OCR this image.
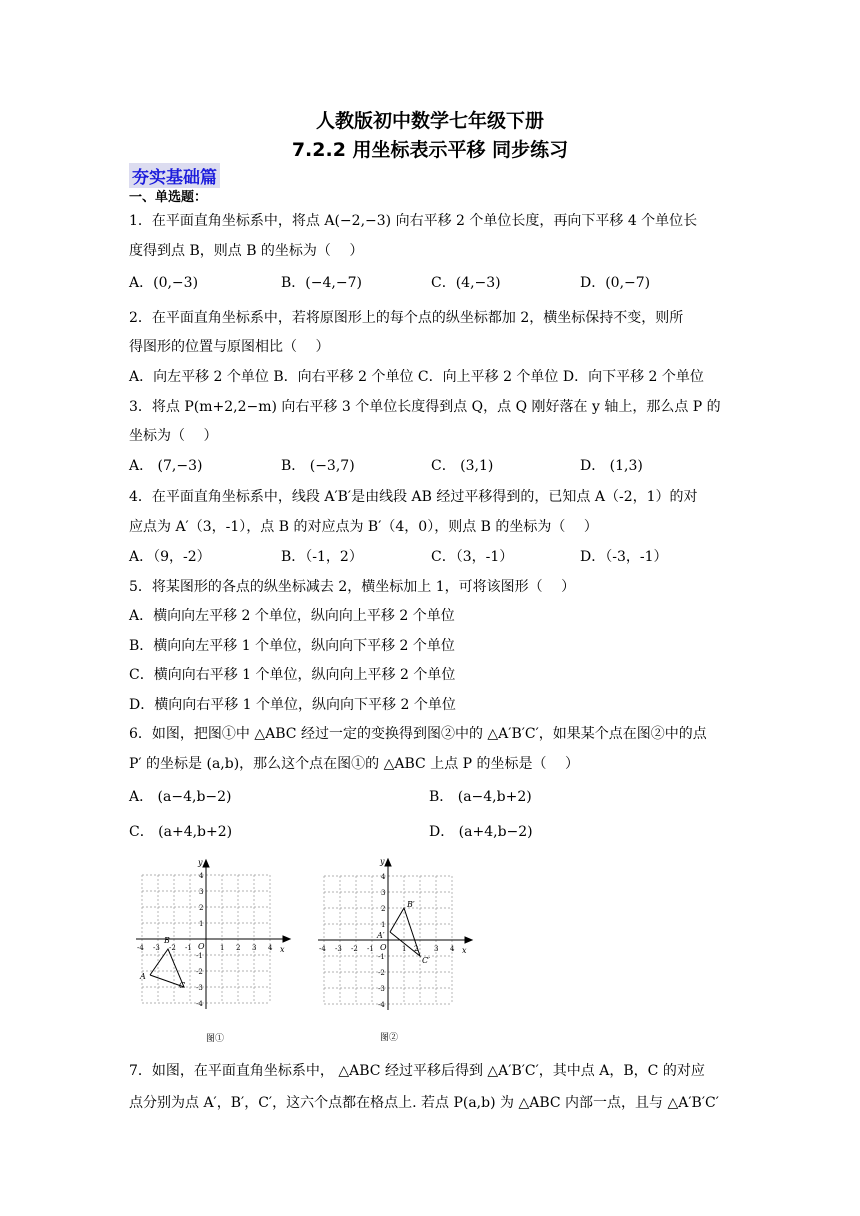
人教版初中数学七年级下册
7.2.2 用坐标表示平移 同步练习
夯实基础篇
一、单选题：
1．在平面直角坐标系中，将点 A(−2,−3) 向右平移 2 个单位长度，再向下平移 4 个单位长
度得到点 B，则点 B 的坐标为（　 ）
A．(0,−3)	B．(−4,−7)	C．(4,−3)	D．(0,−7)
2．在平面直角坐标系中，若将原图形上的每个点的纵坐标都加 2，横坐标保持不变，则所
得图形的位置与原图相比（　 ）
A．向左平移 2 个单位 B．向右平移 2 个单位 C．向上平移 2 个单位 D．向下平移 2 个单位
3．将点 P(m+2,2−m) 向右平移 3 个单位长度得到点 Q，点 Q 刚好落在 y 轴上，那么点 P 的
坐标为（　 ）
A． (7,−3)	B． (−3,7)	C． (3,1)	D． (1,3)
4．在平面直角坐标系中，线段 A′B′是由线段 AB 经过平移得到的，已知点 A（-2，1）的对
应点为 A′（3，-1），点 B 的对应点为 B′（4，0），则点 B 的坐标为（　 ）
A．（9，-2）	B．（-1，2）	C．（3，-1）	D．（-3，-1）
5．将某图形的各点的纵坐标减去 2，横坐标加上 1，可将该图形（　 ）
A．横向向左平移 2 个单位，纵向向上平移 2 个单位
B．横向向左平移 1 个单位，纵向向下平移 2 个单位
C．横向向右平移 1 个单位，纵向向上平移 2 个单位
D．横向向右平移 1 个单位，纵向向下平移 2 个单位
6．如图，把图①中 △ABC 经过一定的变换得到图②中的 △A′B′C′，如果某个点在图②中的点
P′ 的坐标是 (a,b)，那么这个点在图①的 △ABC 上点 P 的坐标是（　 ）
A． (a−4,b−2)	B． (a−4,b+2)
C． (a+4,b+2)	D． (a+4,b−2)
x
y
O
A
B
C
-4 -3 -2 -1	1 2 3 4
4
3
2
1
-1
-2
-3
-4
图①
x
y
O
A′
B′
C′
-4 -3 -2 -1	1 2 3 4
4
3
2
1
-1
-2
-3
-4
图②
7．如图，在平面直角坐标系中， △ABC 经过平移后得到 △A′B′C′，其中点 A，B，C 的对应
点分别为点 A′，B′，C′，这六个点都在格点上. 若点 P(a,b) 为 △ABC 内部一点，且与 △A′B′C′
